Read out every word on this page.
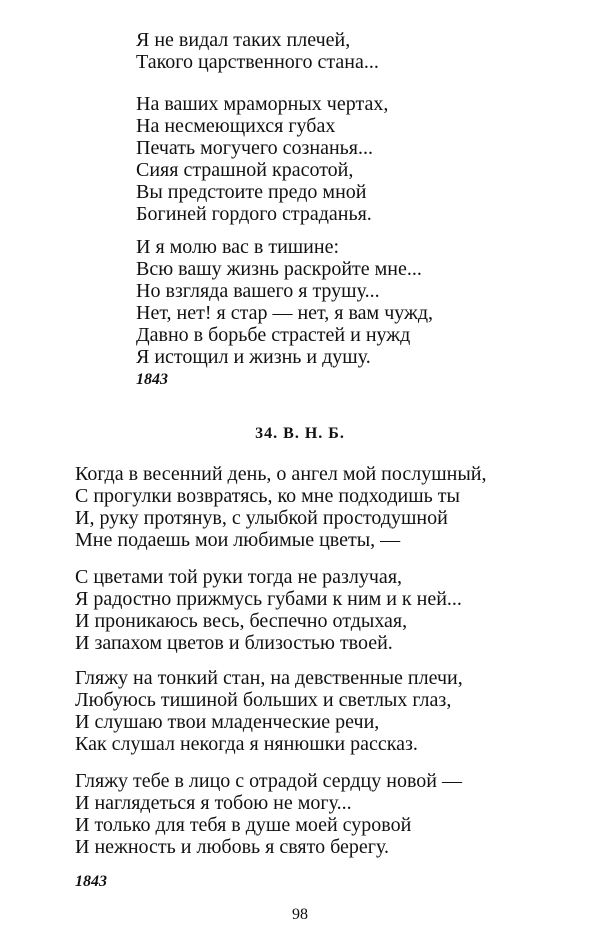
Я не видал таких плечей,
Такого царственного стана...
На ваших мраморных чертах,
На несмеющихся губах
Печать могучего сознанья...
Сияя страшной красотой,
Вы предстоите предо мной
Богиней гордого страданья.
И я молю вас в тишине:
Всю вашу жизнь раскройте мне...
Но взгляда вашего я трушу...
Нет, нет! я стар — нет, я вам чужд,
Давно в борьбе страстей и нужд
Я истощил и жизнь и душу.
1843
34. В. Н. Б.
Когда в весенний день, о ангел мой послушный,
С прогулки возвратясь, ко мне подходишь ты
И, руку протянув, с улыбкой простодушной
Мне подаешь мои любимые цветы, —
С цветами той руки тогда не разлучая,
Я радостно прижмусь губами к ним и к ней...
И проникаюсь весь, беспечно отдыхая,
И запахом цветов и близостью твоей.
Гляжу на тонкий стан, на девственные плечи,
Любуюсь тишиной больших и светлых глаз,
И слушаю твои младенческие речи,
Как слушал некогда я нянюшки рассказ.
Гляжу тебе в лицо с отрадой сердцу новой —
И наглядеться я тобою не могу...
И только для тебя в душе моей суровой
И нежность и любовь я свято берегу.
1843
98
